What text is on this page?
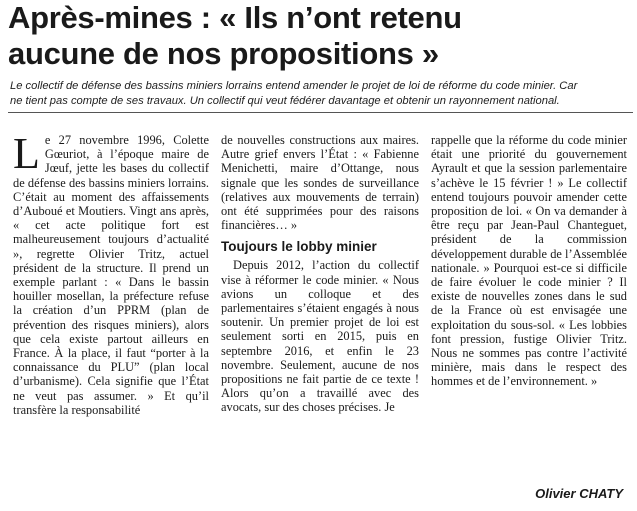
Après-mines : « Ils n’ont retenu
aucune de nos propositions »
Le collectif de défense des bassins miniers lorrains entend amender le projet de loi de réforme du code minier. Car
ne tient pas compte de ses travaux. Un collectif qui veut fédérer davantage et obtenir un rayonnement national.
L e 27 novembre 1996, Colette Gœuriot, à l’époque maire de Jœuf, jette les bases du collectif de défense des bassins miniers lorrains. C’était au moment des affaissements d’Auboué et Moutiers. Vingt ans après, « cet acte politique fort est malheureusement toujours d’actualité », regrette Olivier Tritz, actuel président de la structure. Il prend un exemple parlant : « Dans le bassin houiller mosellan, la préfecture refuse la création d’un PPRM (plan de prévention des risques miniers), alors que cela existe partout ailleurs en France. À la place, il faut “porter à la connaissance du PLU” (plan local d’urbanisme). Cela signifie que l’État ne veut pas assumer. » Et qu’il transfère la responsabilité

de nouvelles constructions aux maires. Autre grief envers l’État : « Fabienne Menichetti, maire d’Ottange, nous signale que les sondes de surveillance (relatives aux mouvements de terrain) ont été supprimées pour des raisons financières… »

Toujours le lobby minier

Depuis 2012, l’action du collectif vise à réformer le code minier. « Nous avions un colloque et des parlementaires s’étaient engagés à nous soutenir. Un premier projet de loi est seulement sorti en 2015, puis en septembre 2016, et enfin le 23 novembre. Seulement, aucune de nos propositions ne fait partie de ce texte ! Alors qu’on a travaillé avec des avocats, sur des choses précises. Je

rappelle que la réforme du code minier était une priorité du gouvernement Ayrault et que la session parlementaire s’achève le 15 février ! » Le collectif entend toujours pouvoir amender cette proposition de loi. « On va demander à être reçu par Jean-Paul Chanteguet, président de la commission développement durable de l’Assemblée nationale. » Pourquoi est-ce si difficile de faire évoluer le code minier ? Il existe de nouvelles zones dans le sud de la France où est envisagée une exploitation du sous-sol. « Les lobbies font pression, fustige Olivier Tritz. Nous ne sommes pas contre l’activité minière, mais dans le respect des hommes et de l’environnement. »

Olivier CHATY
